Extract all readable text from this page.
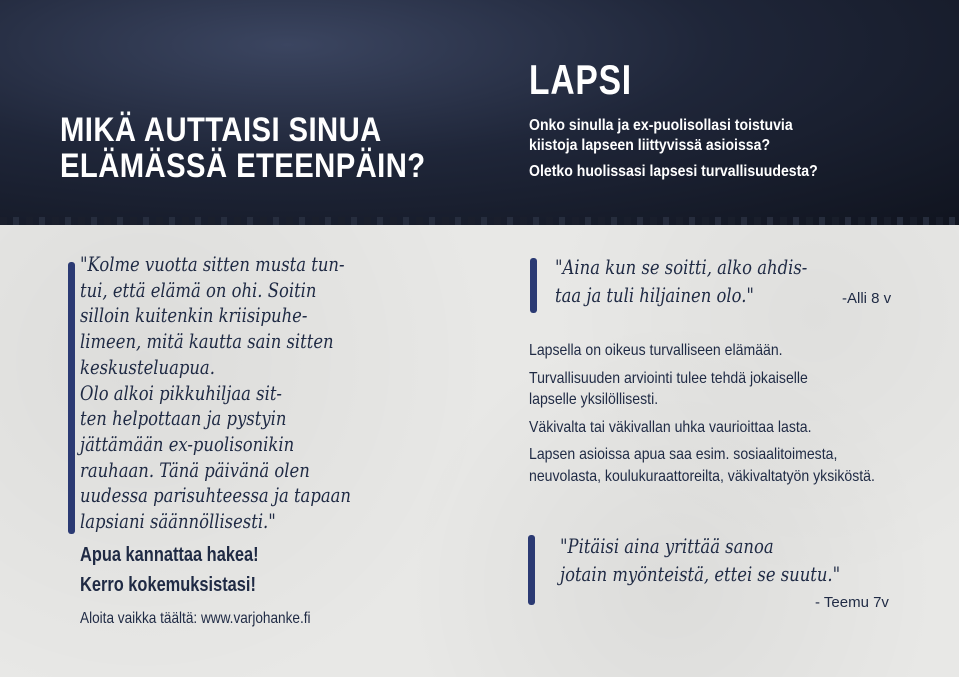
MIKÄ AUTTAISI SINUA
ELÄMÄSSÄ ETEENPÄIN?
LAPSI

Onko sinulla ja ex-puolisollasi toistuvia
kiistoja lapseen liittyvissä asioissa?

Oletko huolissasi lapsesi turvallisuudesta?

"Kolme vuotta sitten musta tun-
tui, että elämä on ohi. Soitin
silloin kuitenkin kriisipuhe-
limeen, mitä kautta sain sitten
keskusteluapua.
Olo alkoi pikkuhiljaa sit-
ten helpottaan ja pystyin
jättämään ex-puolisonikin
rauhaan. Tänä päivänä olen
uudessa parisuhteessa ja tapaan
lapsiani säännöllisesti."
Apua kannattaa hakea!
Kerro kokemuksistasi!
Aloita vaikka täältä: www.varjohanke.fi
"Aina kun se soitti, alko ahdis-
taa ja tuli hiljainen olo."	-Alli 8 v

Lapsella on oikeus turvalliseen elämään.

Turvallisuuden arviointi tulee tehdä jokaiselle
lapselle yksilöllisesti.

Väkivalta tai väkivallan uhka vaurioittaa lasta.

Lapsen asioissa apua saa esim. sosiaalitoimesta,
neuvolasta, koulukuraattoreilta, väkivaltatyön yksiköstä.

"Pitäisi aina yrittää sanoa
jotain myönteistä, ettei se suutu."
- Teemu 7v
